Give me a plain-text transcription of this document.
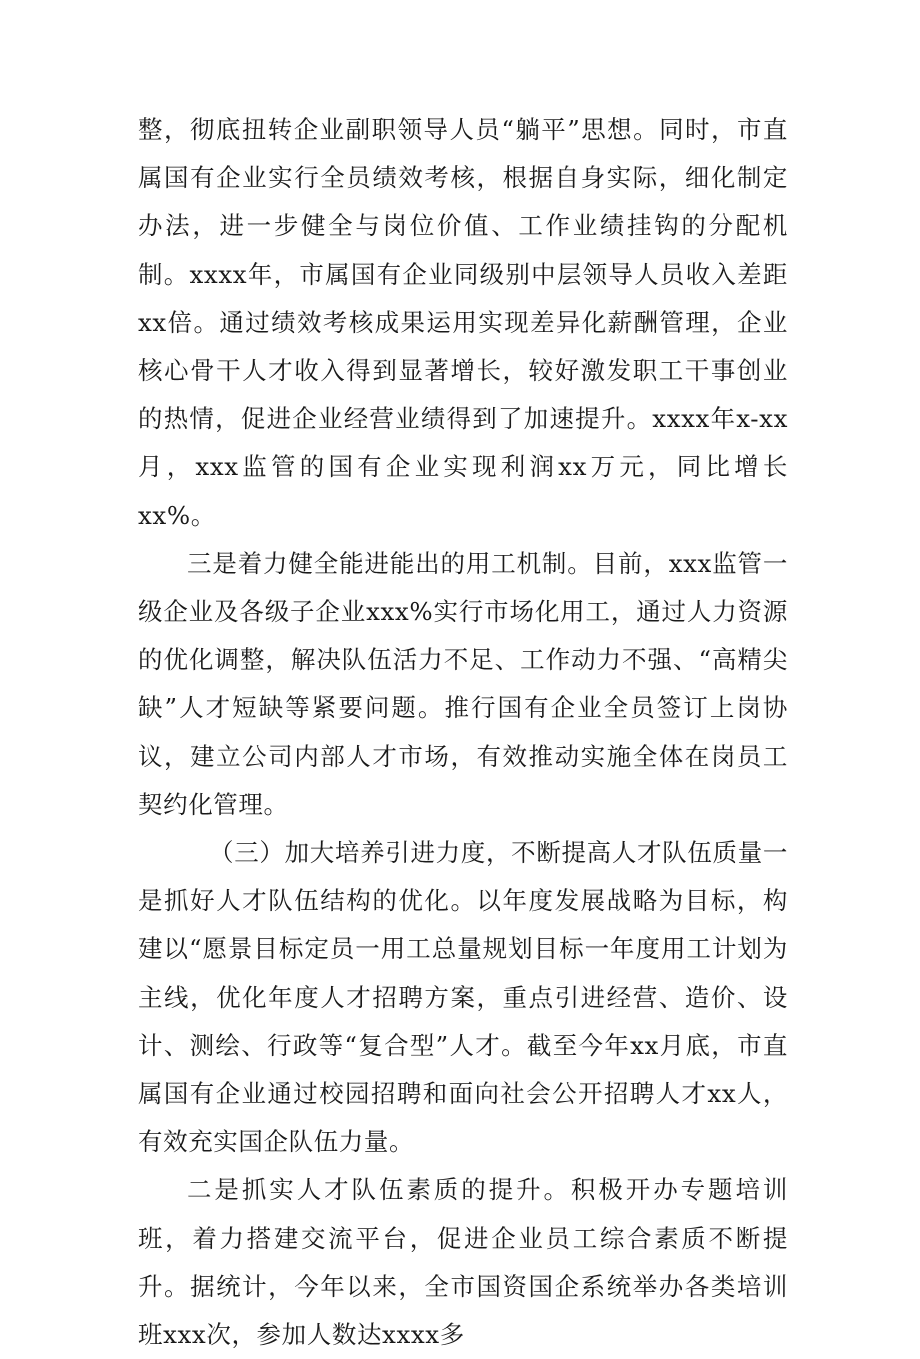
整，彻底扭转企业副职领导人员“躺平”思想。同时，市直属国有企业实行全员绩效考核，根据自身实际，细化制定办法，进一步健全与岗位价值、工作业绩挂钩的分配机制。xxxx年，市属国有企业同级别中层领导人员收入差距xx倍。通过绩效考核成果运用实现差异化薪酬管理，企业核心骨干人才收入得到显著增长，较好激发职工干事创业的热情，促进企业经营业绩得到了加速提升。xxxx年x-xx月，xxx监管的国有企业实现利润xx万元，同比增长xx%。

三是着力健全能进能出的用工机制。目前，xxx监管一级企业及各级子企业xxx%实行市场化用工，通过人力资源的优化调整，解决队伍活力不足、工作动力不强、“高精尖缺”人才短缺等紧要问题。推行国有企业全员签订上岗协议，建立公司内部人才市场，有效推动实施全体在岗员工契约化管理。

（三）加大培养引进力度，不断提高人才队伍质量一是抓好人才队伍结构的优化。以年度发展战略为目标，构建以“愿景目标定员一用工总量规划目标一年度用工计划为主线，优化年度人才招聘方案，重点引进经营、造价、设计、测绘、行政等“复合型”人才。截至今年xx月底，市直属国有企业通过校园招聘和面向社会公开招聘人才xx人，有效充实国企队伍力量。

二是抓实人才队伍素质的提升。积极开办专题培训班，着力搭建交流平台，促进企业员工综合素质不断提升。据统计，今年以来，全市国资国企系统举办各类培训班xxx次，参加人数达xxxx多
